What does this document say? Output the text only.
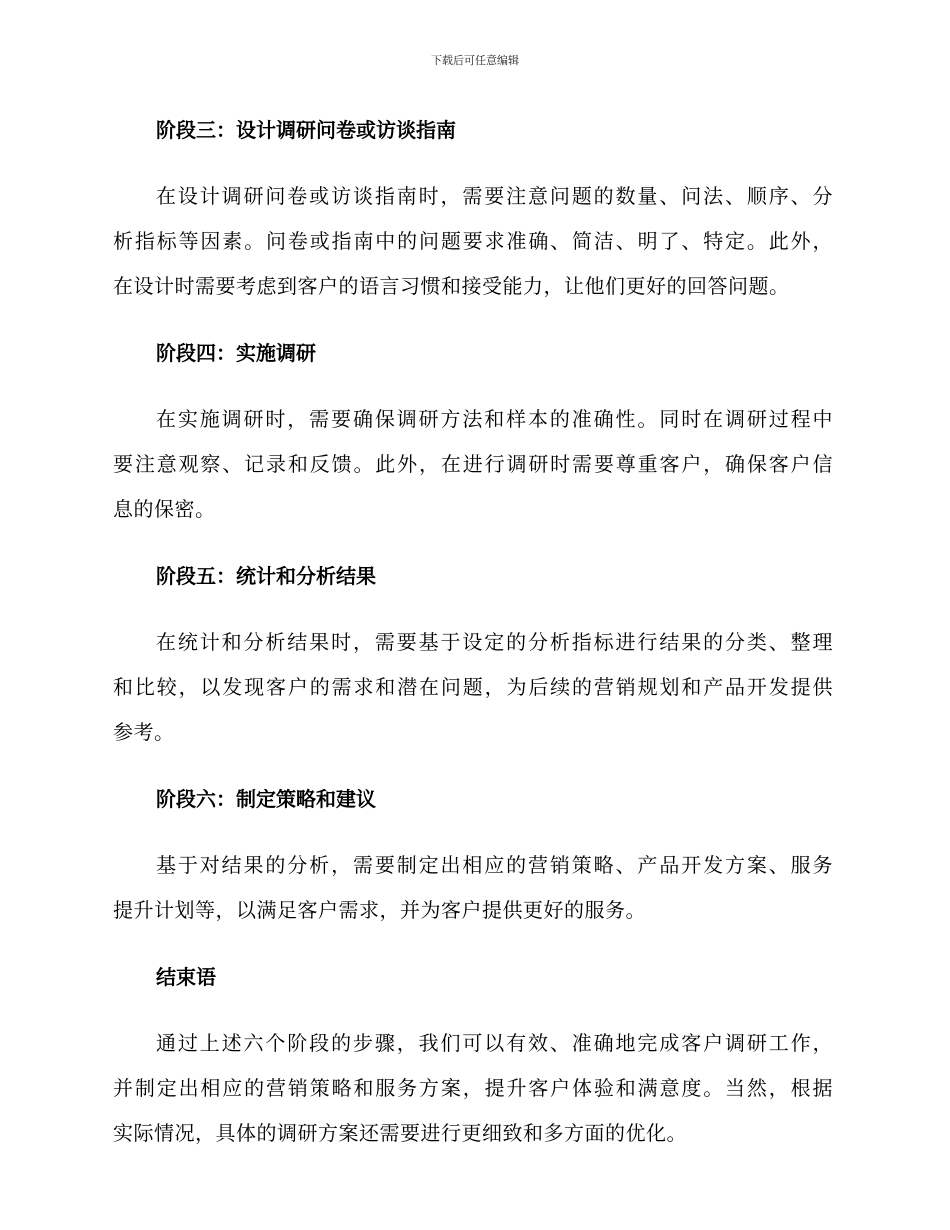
下载后可任意编辑
阶段三：设计调研问卷或访谈指南
在设计调研问卷或访谈指南时，需要注意问题的数量、问法、顺序、分
析指标等因素。问卷或指南中的问题要求准确、简洁、明了、特定。此外，
在设计时需要考虑到客户的语言习惯和接受能力，让他们更好的回答问题。
阶段四：实施调研
在实施调研时，需要确保调研方法和样本的准确性。同时在调研过程中
要注意观察、记录和反馈。此外，在进行调研时需要尊重客户，确保客户信
息的保密。
阶段五：统计和分析结果
在统计和分析结果时，需要基于设定的分析指标进行结果的分类、整理
和比较，以发现客户的需求和潜在问题，为后续的营销规划和产品开发提供
参考。
阶段六：制定策略和建议
基于对结果的分析，需要制定出相应的营销策略、产品开发方案、服务
提升计划等，以满足客户需求，并为客户提供更好的服务。
结束语
通过上述六个阶段的步骤，我们可以有效、准确地完成客户调研工作，
并制定出相应的营销策略和服务方案，提升客户体验和满意度。当然，根据
实际情况，具体的调研方案还需要进行更细致和多方面的优化。
